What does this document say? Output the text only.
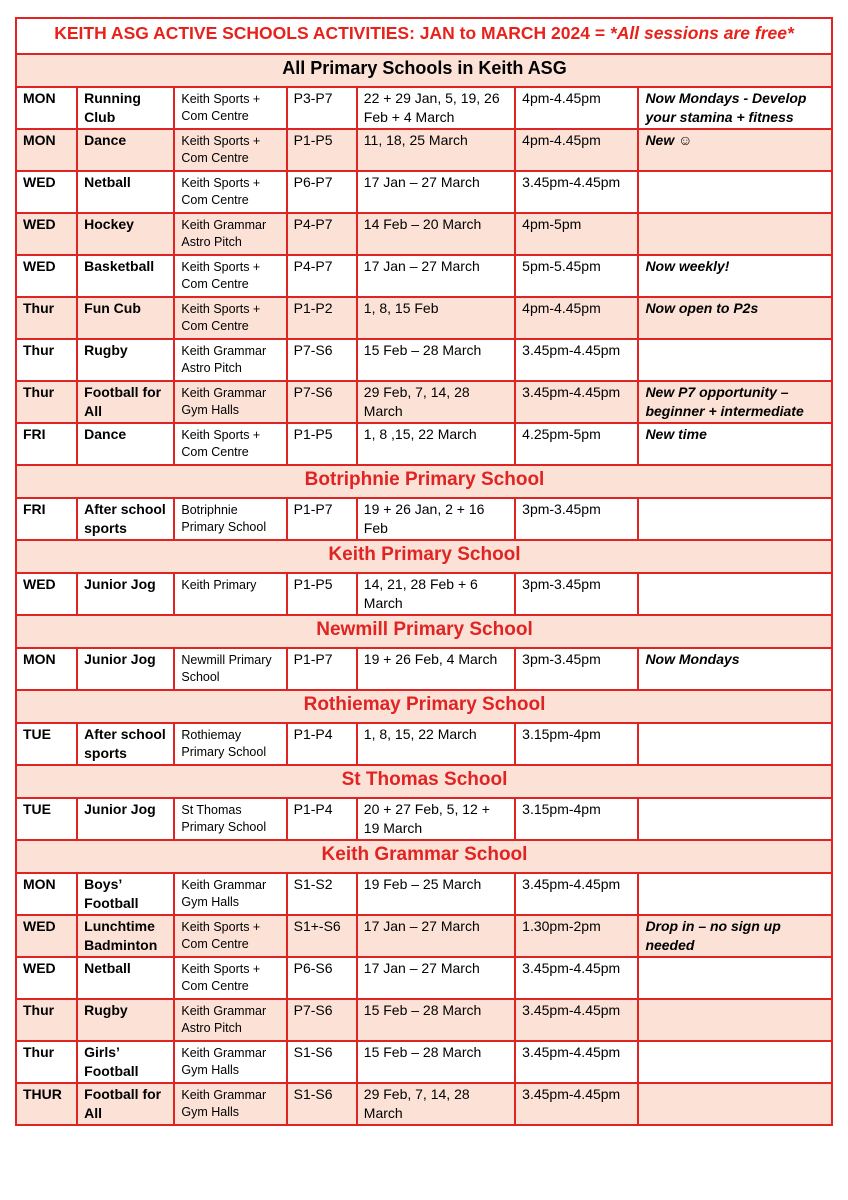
KEITH ASG ACTIVE SCHOOLS ACTIVITIES: JAN to MARCH 2024 = *All sessions are free*						
All Primary Schools in Keith ASG						
MON	Running Club	Keith Sports + Com Centre	P3-P7	22 + 29 Jan, 5, 19, 26 Feb + 4 March	4pm-4.45pm	Now Mondays - Develop your stamina + fitness
MON	Dance	Keith Sports + Com Centre	P1-P5	11, 18, 25 March	4pm-4.45pm	New ☺
WED	Netball	Keith Sports + Com Centre	P6-P7	17 Jan – 27 March	3.45pm-4.45pm	
WED	Hockey	Keith Grammar Astro Pitch	P4-P7	14 Feb – 20 March	4pm-5pm	
WED	Basketball	Keith Sports + Com Centre	P4-P7	17 Jan – 27 March	5pm-5.45pm	Now weekly!
Thur	Fun Cub	Keith Sports + Com Centre	P1-P2	1, 8, 15 Feb	4pm-4.45pm	Now open to P2s
Thur	Rugby	Keith Grammar Astro Pitch	P7-S6	15 Feb – 28 March	3.45pm-4.45pm	
Thur	Football for All	Keith Grammar Gym Halls	P7-S6	29 Feb, 7, 14, 28 March	3.45pm-4.45pm	New P7 opportunity – beginner + intermediate
FRI	Dance	Keith Sports + Com Centre	P1-P5	1, 8 ,15, 22 March	4.25pm-5pm	New time
Botriphnie Primary School						
FRI	After school sports	Botriphnie Primary School	P1-P7	19 + 26 Jan, 2 + 16 Feb	3pm-3.45pm	
Keith Primary School						
WED	Junior Jog	Keith Primary	P1-P5	14, 21, 28 Feb + 6 March	3pm-3.45pm	
Newmill Primary School						
MON	Junior Jog	Newmill Primary School	P1-P7	19 + 26 Feb, 4 March	3pm-3.45pm	Now Mondays
Rothiemay Primary School						
TUE	After school sports	Rothiemay Primary School	P1-P4	1, 8, 15, 22 March	3.15pm-4pm	
St Thomas School						
TUE	Junior Jog	St Thomas Primary School	P1-P4	20 + 27 Feb, 5, 12 + 19 March	3.15pm-4pm	
Keith Grammar School						
MON	Boys’ Football	Keith Grammar Gym Halls	S1-S2	19 Feb – 25 March	3.45pm-4.45pm	
WED	Lunchtime Badminton	Keith Sports + Com Centre	S1+-S6	17 Jan – 27 March	1.30pm-2pm	Drop in – no sign up needed
WED	Netball	Keith Sports + Com Centre	P6-S6	17 Jan – 27 March	3.45pm-4.45pm	
Thur	Rugby	Keith Grammar Astro Pitch	P7-S6	15 Feb – 28 March	3.45pm-4.45pm	
Thur	Girls’ Football	Keith Grammar Gym Halls	S1-S6	15 Feb – 28 March	3.45pm-4.45pm	
THUR	Football for All	Keith Grammar Gym Halls	S1-S6	29 Feb, 7, 14, 28 March	3.45pm-4.45pm	
